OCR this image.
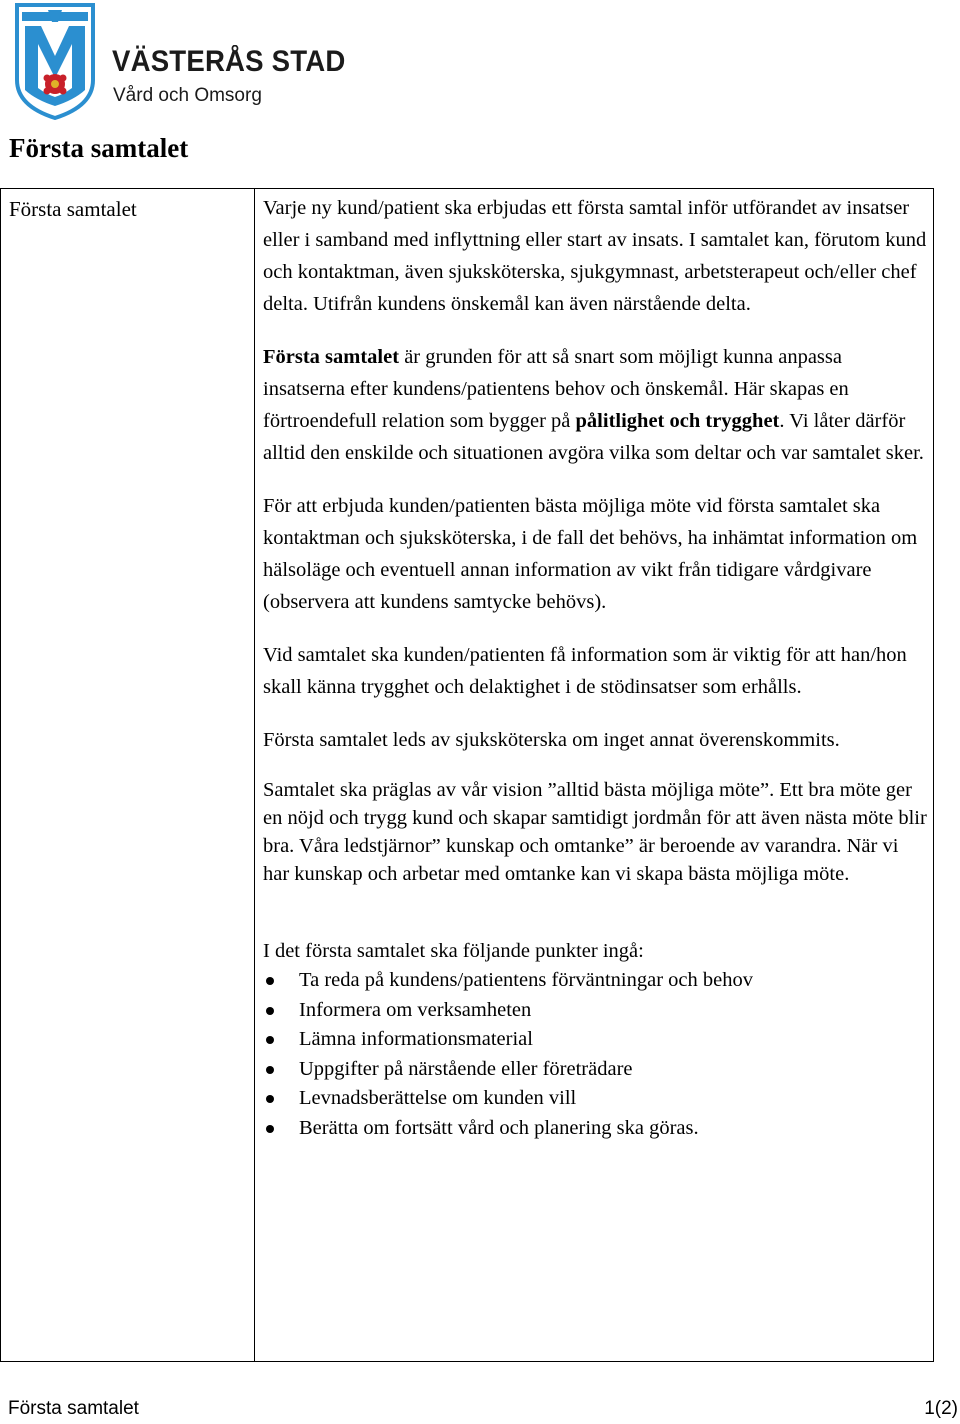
VÄSTERÅS STAD

Vård och Omsorg

Första samtalet
Första samtalet	Varje ny kund/patient ska erbjudas ett första samtal inför utförandet av insatser eller i samband med inflyttning eller start av insats. I samtalet kan, förutom kund och kontaktman, även sjuksköterska, sjukgymnast, arbetsterapeut och/eller chef delta. Utifrån kundens önskemål kan även närstående delta.

Första samtalet är grunden för att så snart som möjligt kunna anpassa insatserna efter kundens/patientens behov och önskemål. Här skapas en förtroendefull relation som bygger på pålitlighet och trygghet. Vi låter därför alltid den enskilde och situationen avgöra vilka som deltar och var samtalet sker.

För att erbjuda kunden/patienten bästa möjliga möte vid första samtalet ska kontaktman och sjuksköterska, i de fall det behövs, ha inhämtat information om hälsoläge och eventuell annan information av vikt från tidigare vårdgivare (observera att kundens samtycke behövs).

Vid samtalet ska kunden/patienten få information som är viktig för att han/hon skall känna trygghet och delaktighet i de stödinsatser som erhålls.

Första samtalet leds av sjuksköterska om inget annat överenskommits.

Samtalet ska präglas av vår vision ”alltid bästa möjliga möte”. Ett bra möte ger en nöjd och trygg kund och skapar samtidigt jordmån för att även nästa möte blir bra. Våra ledstjärnor” kunskap och omtanke” är beroende av varandra. När vi har kunskap och arbetar med omtanke kan vi skapa bästa möjliga möte.

I det första samtalet ska följande punkter ingå:

Ta reda på kundens/patientens förväntningar och behov
Informera om verksamheten
Lämna informationsmaterial
Uppgifter på närstående eller företrädare
Levnadsberättelse om kunden vill
Berätta om fortsätt vård och planering ska göras.

Första samtalet	1(2)
